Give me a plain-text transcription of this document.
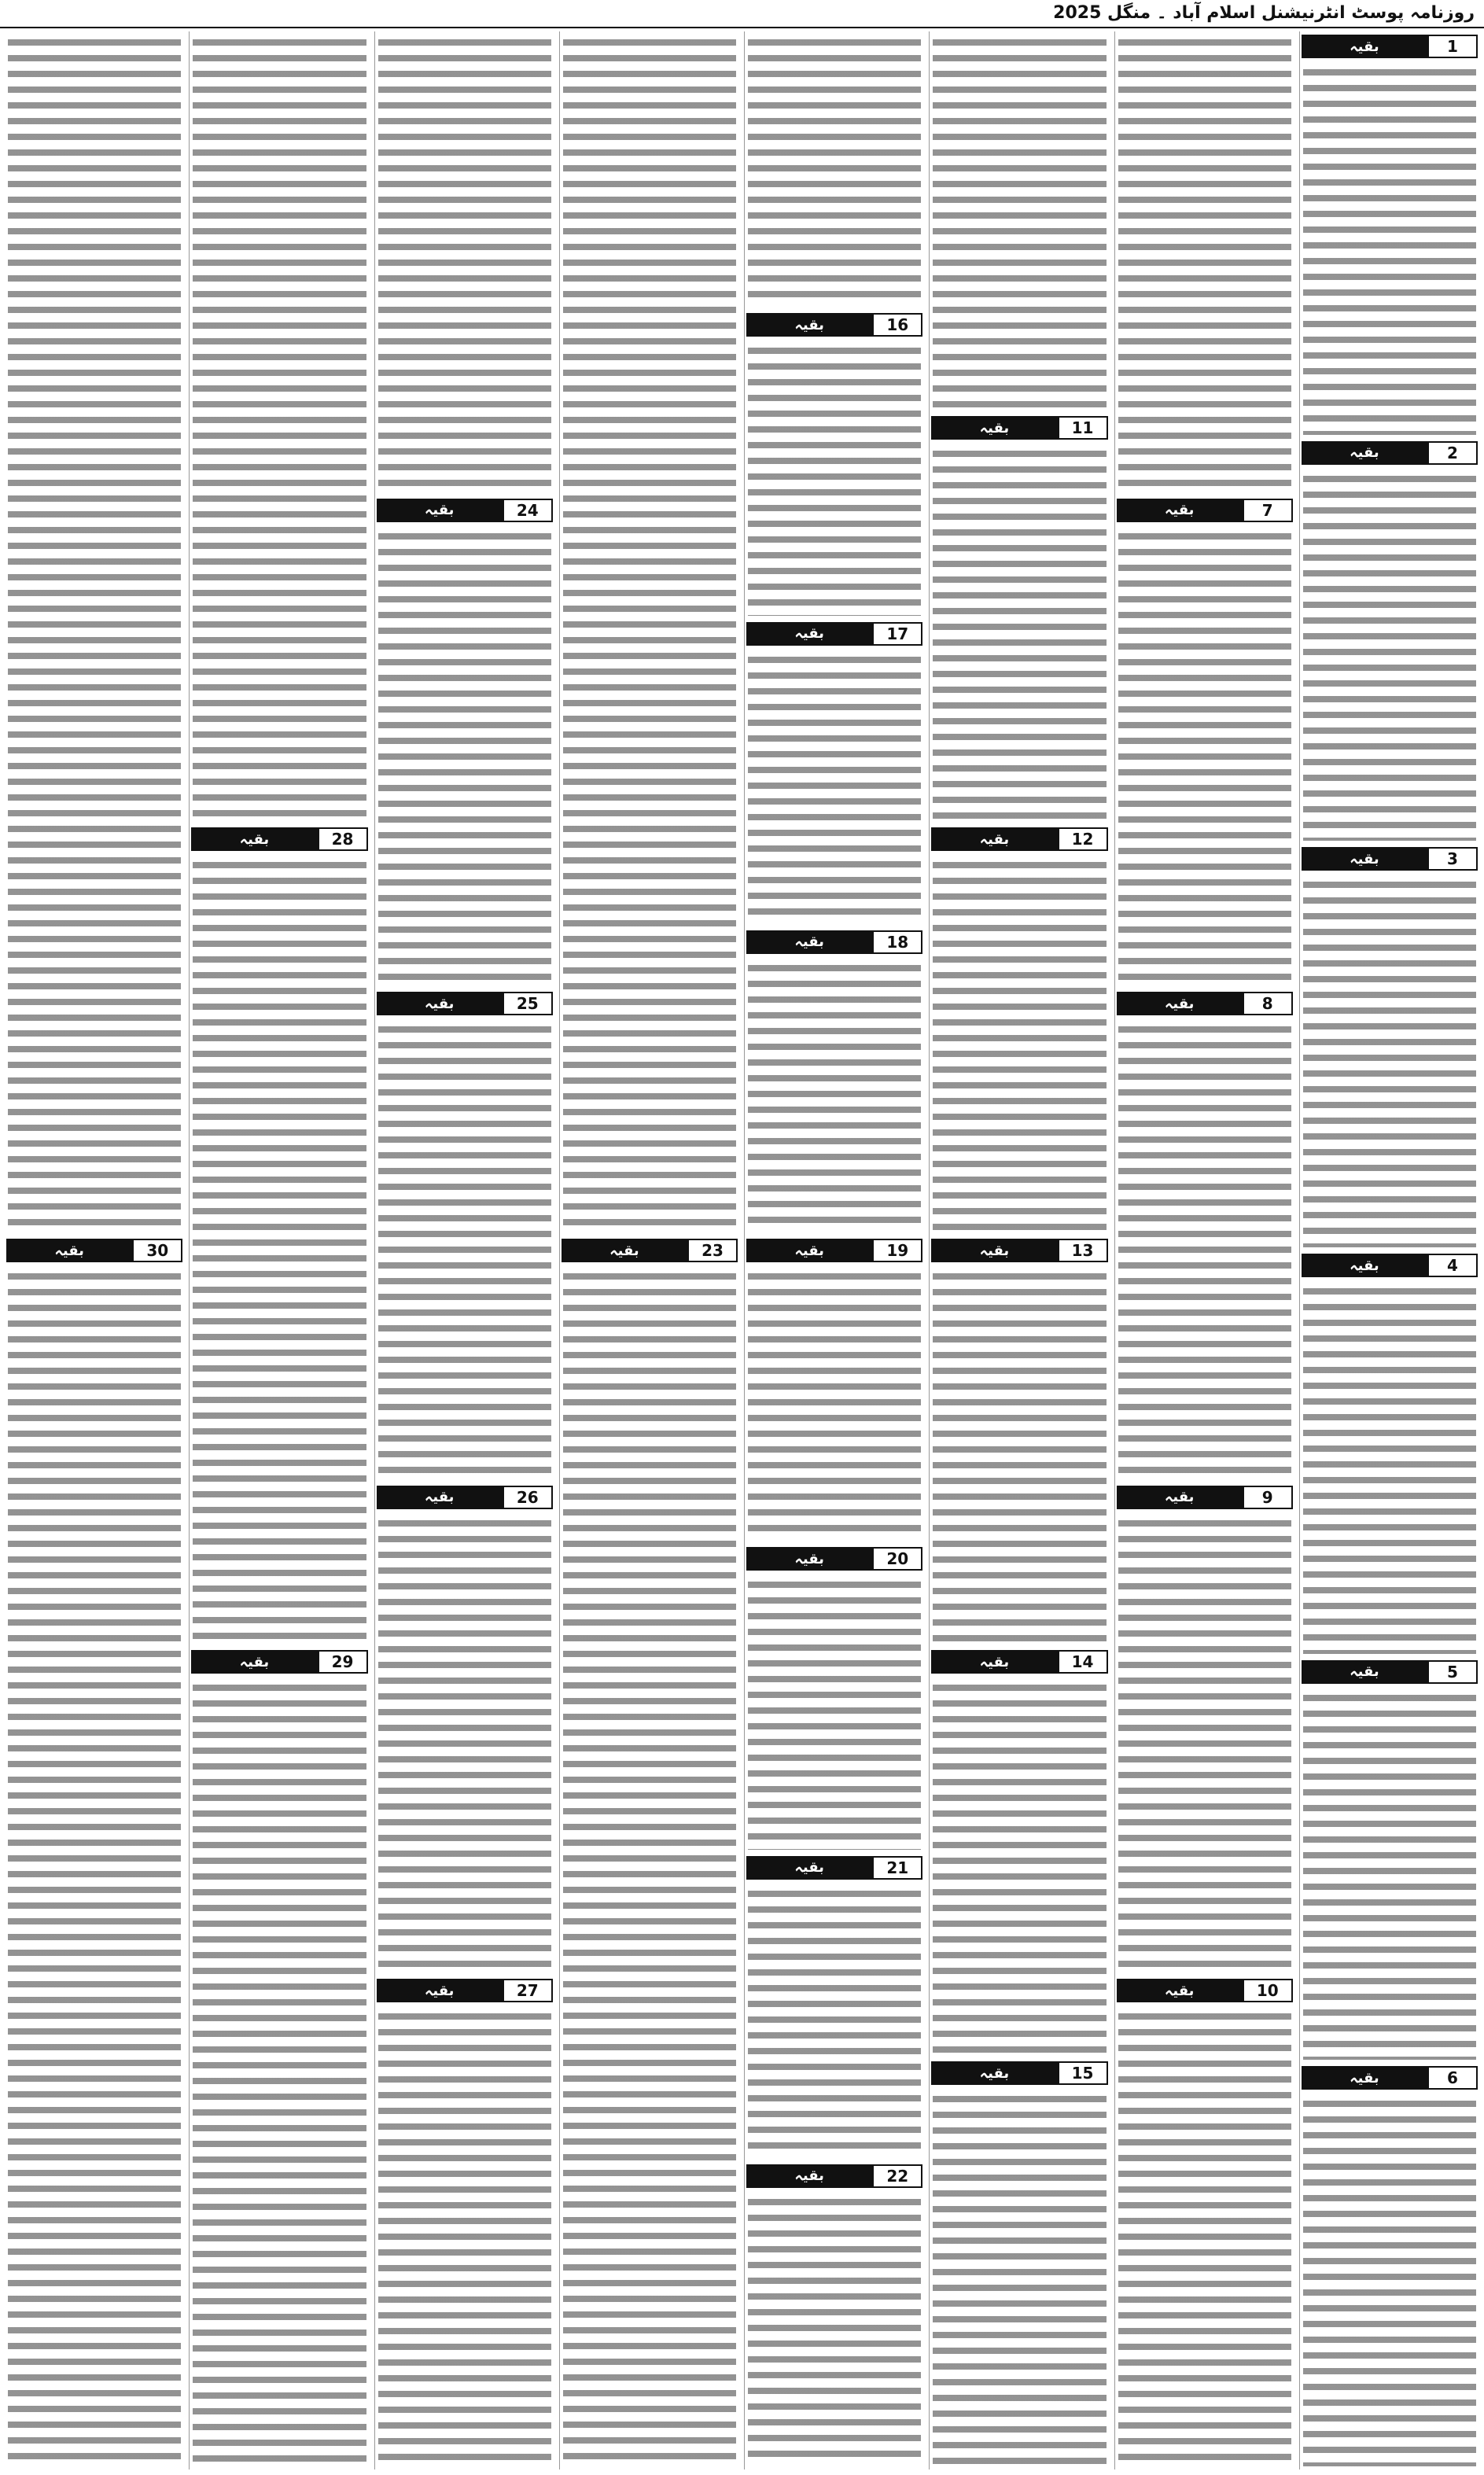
روزنامہ پوسٹ انٹرنیشنل اسلام آباد ۔ منگل 2025
1
بقیہ
2
بقیہ
3
بقیہ
4
بقیہ
5
بقیہ
6
بقیہ
7
بقیہ
8
بقیہ
9
بقیہ
10
بقیہ
11
بقیہ
12
بقیہ
13
بقیہ
14
بقیہ
15
بقیہ
16
بقیہ
17
بقیہ
18
بقیہ
19
بقیہ
20
بقیہ
21
بقیہ
22
بقیہ
23
بقیہ
24
بقیہ
25
بقیہ
26
بقیہ
27
بقیہ
28
بقیہ
29
بقیہ
30
بقیہ
